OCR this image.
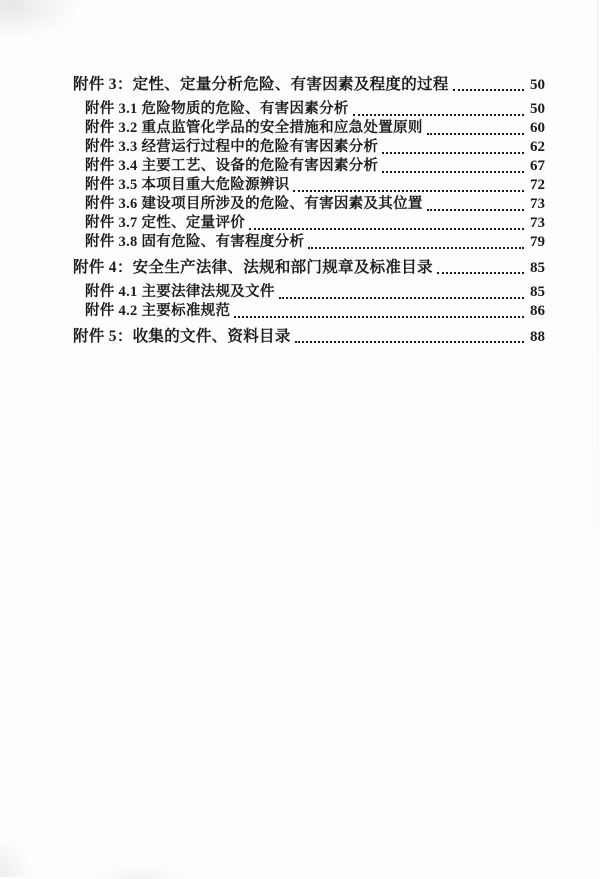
附件 3：定性、定量分析危险、有害因素及程度的过程	50
附件 3.1 危险物质的危险、有害因素分析	50
附件 3.2 重点监管化学品的安全措施和应急处置原则	60
附件 3.3 经营运行过程中的危险有害因素分析	62
附件 3.4 主要工艺、设备的危险有害因素分析	67
附件 3.5 本项目重大危险源辨识	72
附件 3.6 建设项目所涉及的危险、有害因素及其位置	73
附件 3.7 定性、定量评价	73
附件 3.8 固有危险、有害程度分析	79
附件 4：安全生产法律、法规和部门规章及标准目录	85
附件 4.1 主要法律法规及文件	85
附件 4.2 主要标准规范	86
附件 5：收集的文件、资料目录	88
